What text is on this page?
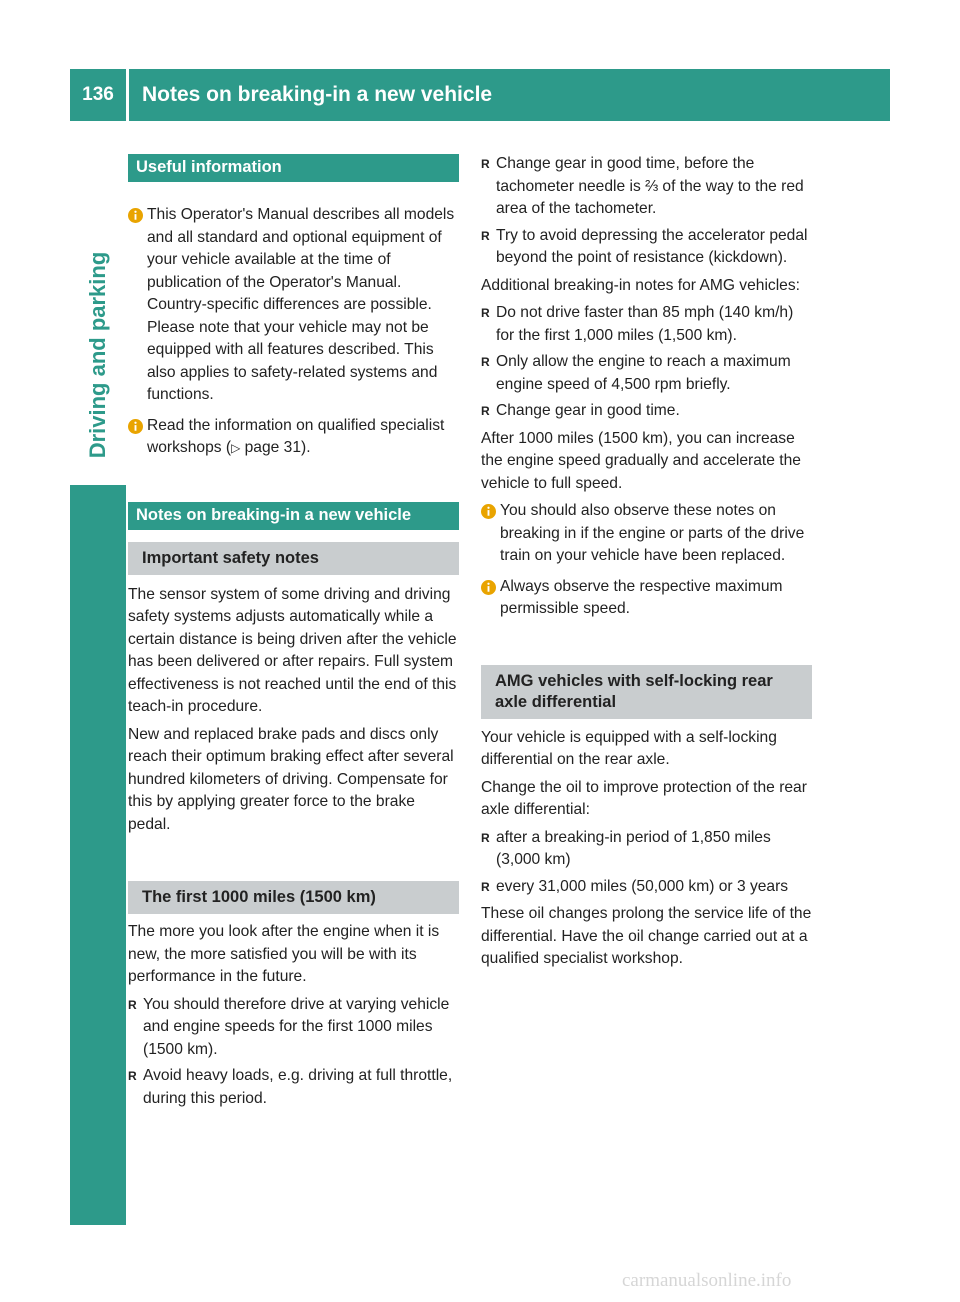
136	Notes on breaking-in a new vehicle
Driving and parking
Useful information
This Operator's Manual describes all models and all standard and optional equipment of your vehicle available at the time of publication of the Operator's Manual. Country-specific differences are possible. Please note that your vehicle may not be equipped with all features described. This also applies to safety-related systems and functions.
Read the information on qualified specialist workshops (▷ page 31).
Notes on breaking-in a new vehicle
Important safety notes

The sensor system of some driving and driving safety systems adjusts automatically while a certain distance is being driven after the vehicle has been delivered or after repairs. Full system effectiveness is not reached until the end of this teach-in procedure.

New and replaced brake pads and discs only reach their optimum braking effect after several hundred kilometers of driving. Compensate for this by applying greater force to the brake pedal.

The first 1000 miles (1500 km)

The more you look after the engine when it is new, the more satisfied you will be with its performance in the future.

R You should therefore drive at varying vehicle and engine speeds for the first 1000 miles (1500 km).
R Avoid heavy loads, e.g. driving at full throttle, during this period.
R Change gear in good time, before the tachometer needle is ⅔ of the way to the red area of the tachometer.
R Try to avoid depressing the accelerator pedal beyond the point of resistance (kickdown).

Additional breaking-in notes for AMG vehicles:

R Do not drive faster than 85 mph (140 km/h) for the first 1,000 miles (1,500 km).
R Only allow the engine to reach a maximum engine speed of 4,500 rpm briefly.
R Change gear in good time.

After 1000 miles (1500 km), you can increase the engine speed gradually and accelerate the vehicle to full speed.

You should also observe these notes on breaking in if the engine or parts of the drive train on your vehicle have been replaced.
Always observe the respective maximum permissible speed.
AMG vehicles with self-locking rear axle differential

Your vehicle is equipped with a self-locking differential on the rear axle.

Change the oil to improve protection of the rear axle differential:

R after a breaking-in period of 1,850 miles (3,000 km)
R every 31,000 miles (50,000 km) or 3 years

These oil changes prolong the service life of the differential. Have the oil change carried out at a qualified specialist workshop.

carmanualsonline.info
